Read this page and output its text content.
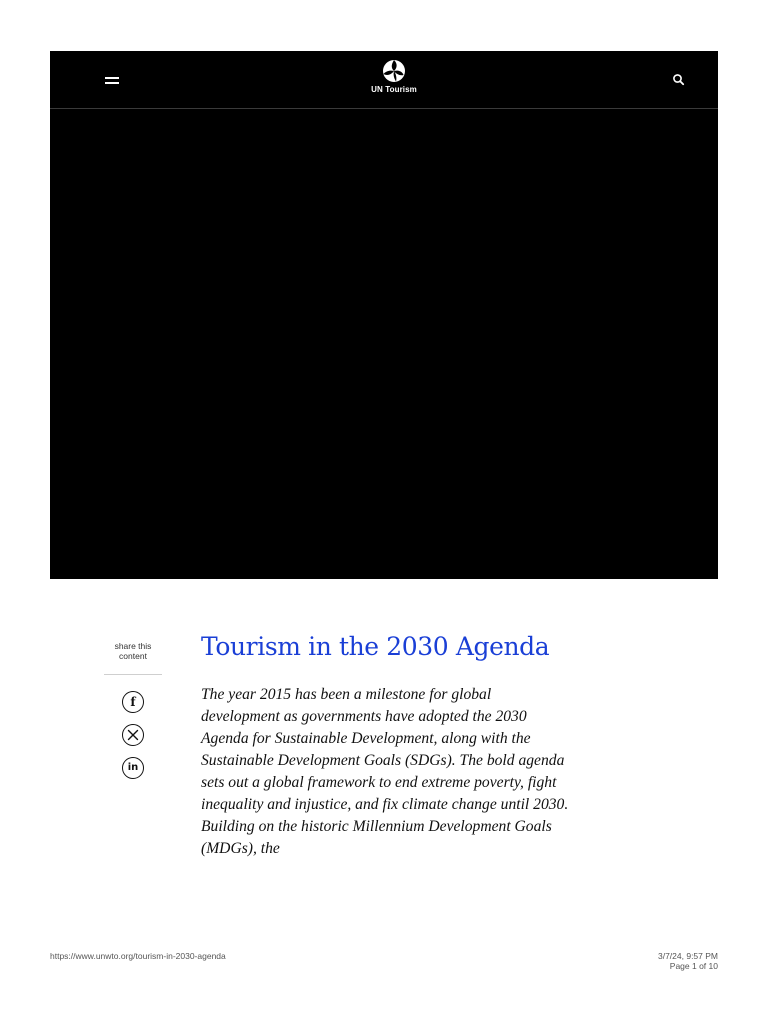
UN Tourism
share this content
f
in
Tourism in the 2030 Agenda

The year 2015 has been a milestone for global development as governments have adopted the 2030 Agenda for Sustainable Development, along with the Sustainable Development Goals (SDGs). The bold agenda sets out a global framework to end extreme poverty, fight inequality and injustice, and fix climate change until 2030. Building on the historic Millennium Development Goals (MDGs), the

https://www.unwto.org/tourism-in-2030-agenda	3/7/24, 9:57 PM
Page 1 of 10
